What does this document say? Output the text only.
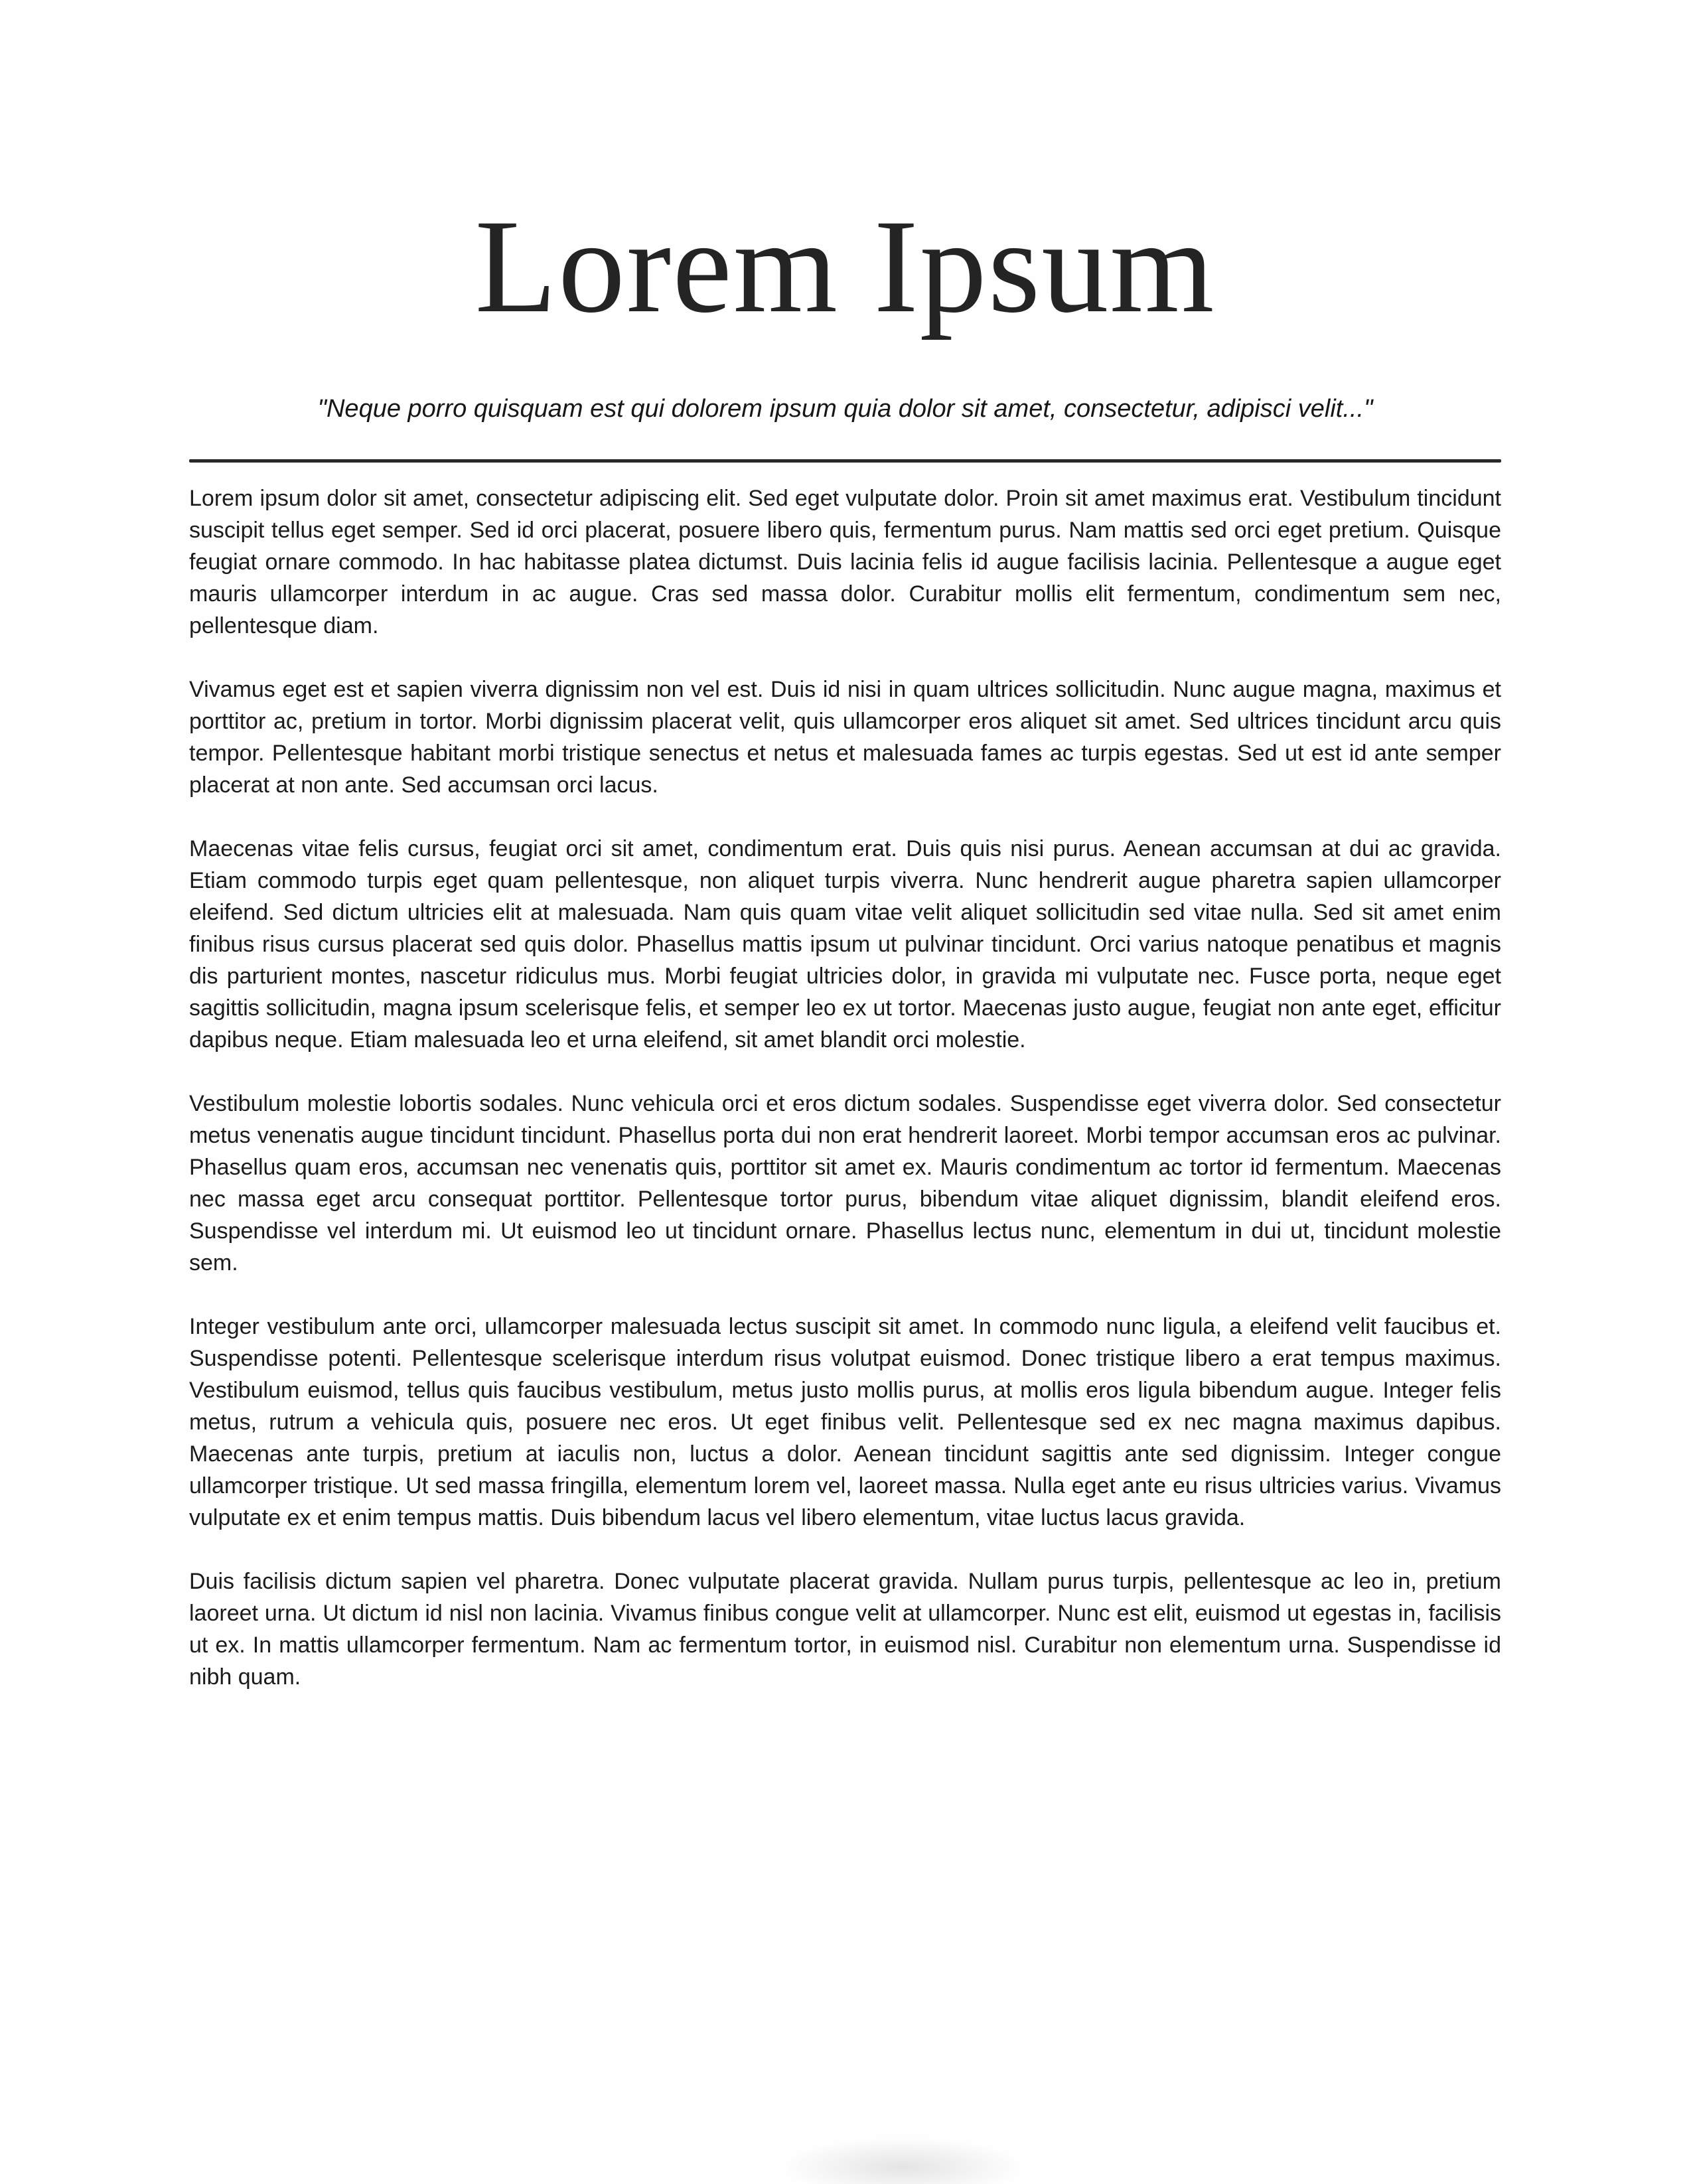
Lorem Ipsum

"Neque porro quisquam est qui dolorem ipsum quia dolor sit amet, consectetur, adipisci velit..."

Lorem ipsum dolor sit amet, consectetur adipiscing elit. Sed eget vulputate dolor. Proin sit amet maximus erat. Vestibulum tincidunt suscipit tellus eget semper. Sed id orci placerat, posuere libero quis, fermentum purus. Nam mattis sed orci eget pretium. Quisque feugiat ornare commodo. In hac habitasse platea dictumst. Duis lacinia felis id augue facilisis lacinia. Pellentesque a augue eget mauris ullamcorper interdum in ac augue. Cras sed massa dolor. Curabitur mollis elit fermentum, condimentum sem nec, pellentesque diam.

Vivamus eget est et sapien viverra dignissim non vel est. Duis id nisi in quam ultrices sollicitudin. Nunc augue magna, maximus et porttitor ac, pretium in tortor. Morbi dignissim placerat velit, quis ullamcorper eros aliquet sit amet. Sed ultrices tincidunt arcu quis tempor. Pellentesque habitant morbi tristique senectus et netus et malesuada fames ac turpis egestas. Sed ut est id ante semper placerat at non ante. Sed accumsan orci lacus.

Maecenas vitae felis cursus, feugiat orci sit amet, condimentum erat. Duis quis nisi purus. Aenean accumsan at dui ac gravida. Etiam commodo turpis eget quam pellentesque, non aliquet turpis viverra. Nunc hendrerit augue pharetra sapien ullamcorper eleifend. Sed dictum ultricies elit at malesuada. Nam quis quam vitae velit aliquet sollicitudin sed vitae nulla. Sed sit amet enim finibus risus cursus placerat sed quis dolor. Phasellus mattis ipsum ut pulvinar tincidunt. Orci varius natoque penatibus et magnis dis parturient montes, nascetur ridiculus mus. Morbi feugiat ultricies dolor, in gravida mi vulputate nec. Fusce porta, neque eget sagittis sollicitudin, magna ipsum scelerisque felis, et semper leo ex ut tortor. Maecenas justo augue, feugiat non ante eget, efficitur dapibus neque. Etiam malesuada leo et urna eleifend, sit amet blandit orci molestie.

Vestibulum molestie lobortis sodales. Nunc vehicula orci et eros dictum sodales. Suspendisse eget viverra dolor. Sed consectetur metus venenatis augue tincidunt tincidunt. Phasellus porta dui non erat hendrerit laoreet. Morbi tempor accumsan eros ac pulvinar. Phasellus quam eros, accumsan nec venenatis quis, porttitor sit amet ex. Mauris condimentum ac tortor id fermentum. Maecenas nec massa eget arcu consequat porttitor. Pellentesque tortor purus, bibendum vitae aliquet dignissim, blandit eleifend eros. Suspendisse vel interdum mi. Ut euismod leo ut tincidunt ornare. Phasellus lectus nunc, elementum in dui ut, tincidunt molestie sem.

Integer vestibulum ante orci, ullamcorper malesuada lectus suscipit sit amet. In commodo nunc ligula, a eleifend velit faucibus et. Suspendisse potenti. Pellentesque scelerisque interdum risus volutpat euismod. Donec tristique libero a erat tempus maximus. Vestibulum euismod, tellus quis faucibus vestibulum, metus justo mollis purus, at mollis eros ligula bibendum augue. Integer felis metus, rutrum a vehicula quis, posuere nec eros. Ut eget finibus velit. Pellentesque sed ex nec magna maximus dapibus. Maecenas ante turpis, pretium at iaculis non, luctus a dolor. Aenean tincidunt sagittis ante sed dignissim. Integer congue ullamcorper tristique. Ut sed massa fringilla, elementum lorem vel, laoreet massa. Nulla eget ante eu risus ultricies varius. Vivamus vulputate ex et enim tempus mattis. Duis bibendum lacus vel libero elementum, vitae luctus lacus gravida.

Duis facilisis dictum sapien vel pharetra. Donec vulputate placerat gravida. Nullam purus turpis, pellentesque ac leo in, pretium laoreet urna. Ut dictum id nisl non lacinia. Vivamus finibus congue velit at ullamcorper. Nunc est elit, euismod ut egestas in, facilisis ut ex. In mattis ullamcorper fermentum. Nam ac fermentum tortor, in euismod nisl. Curabitur non elementum urna. Suspendisse id nibh quam.
